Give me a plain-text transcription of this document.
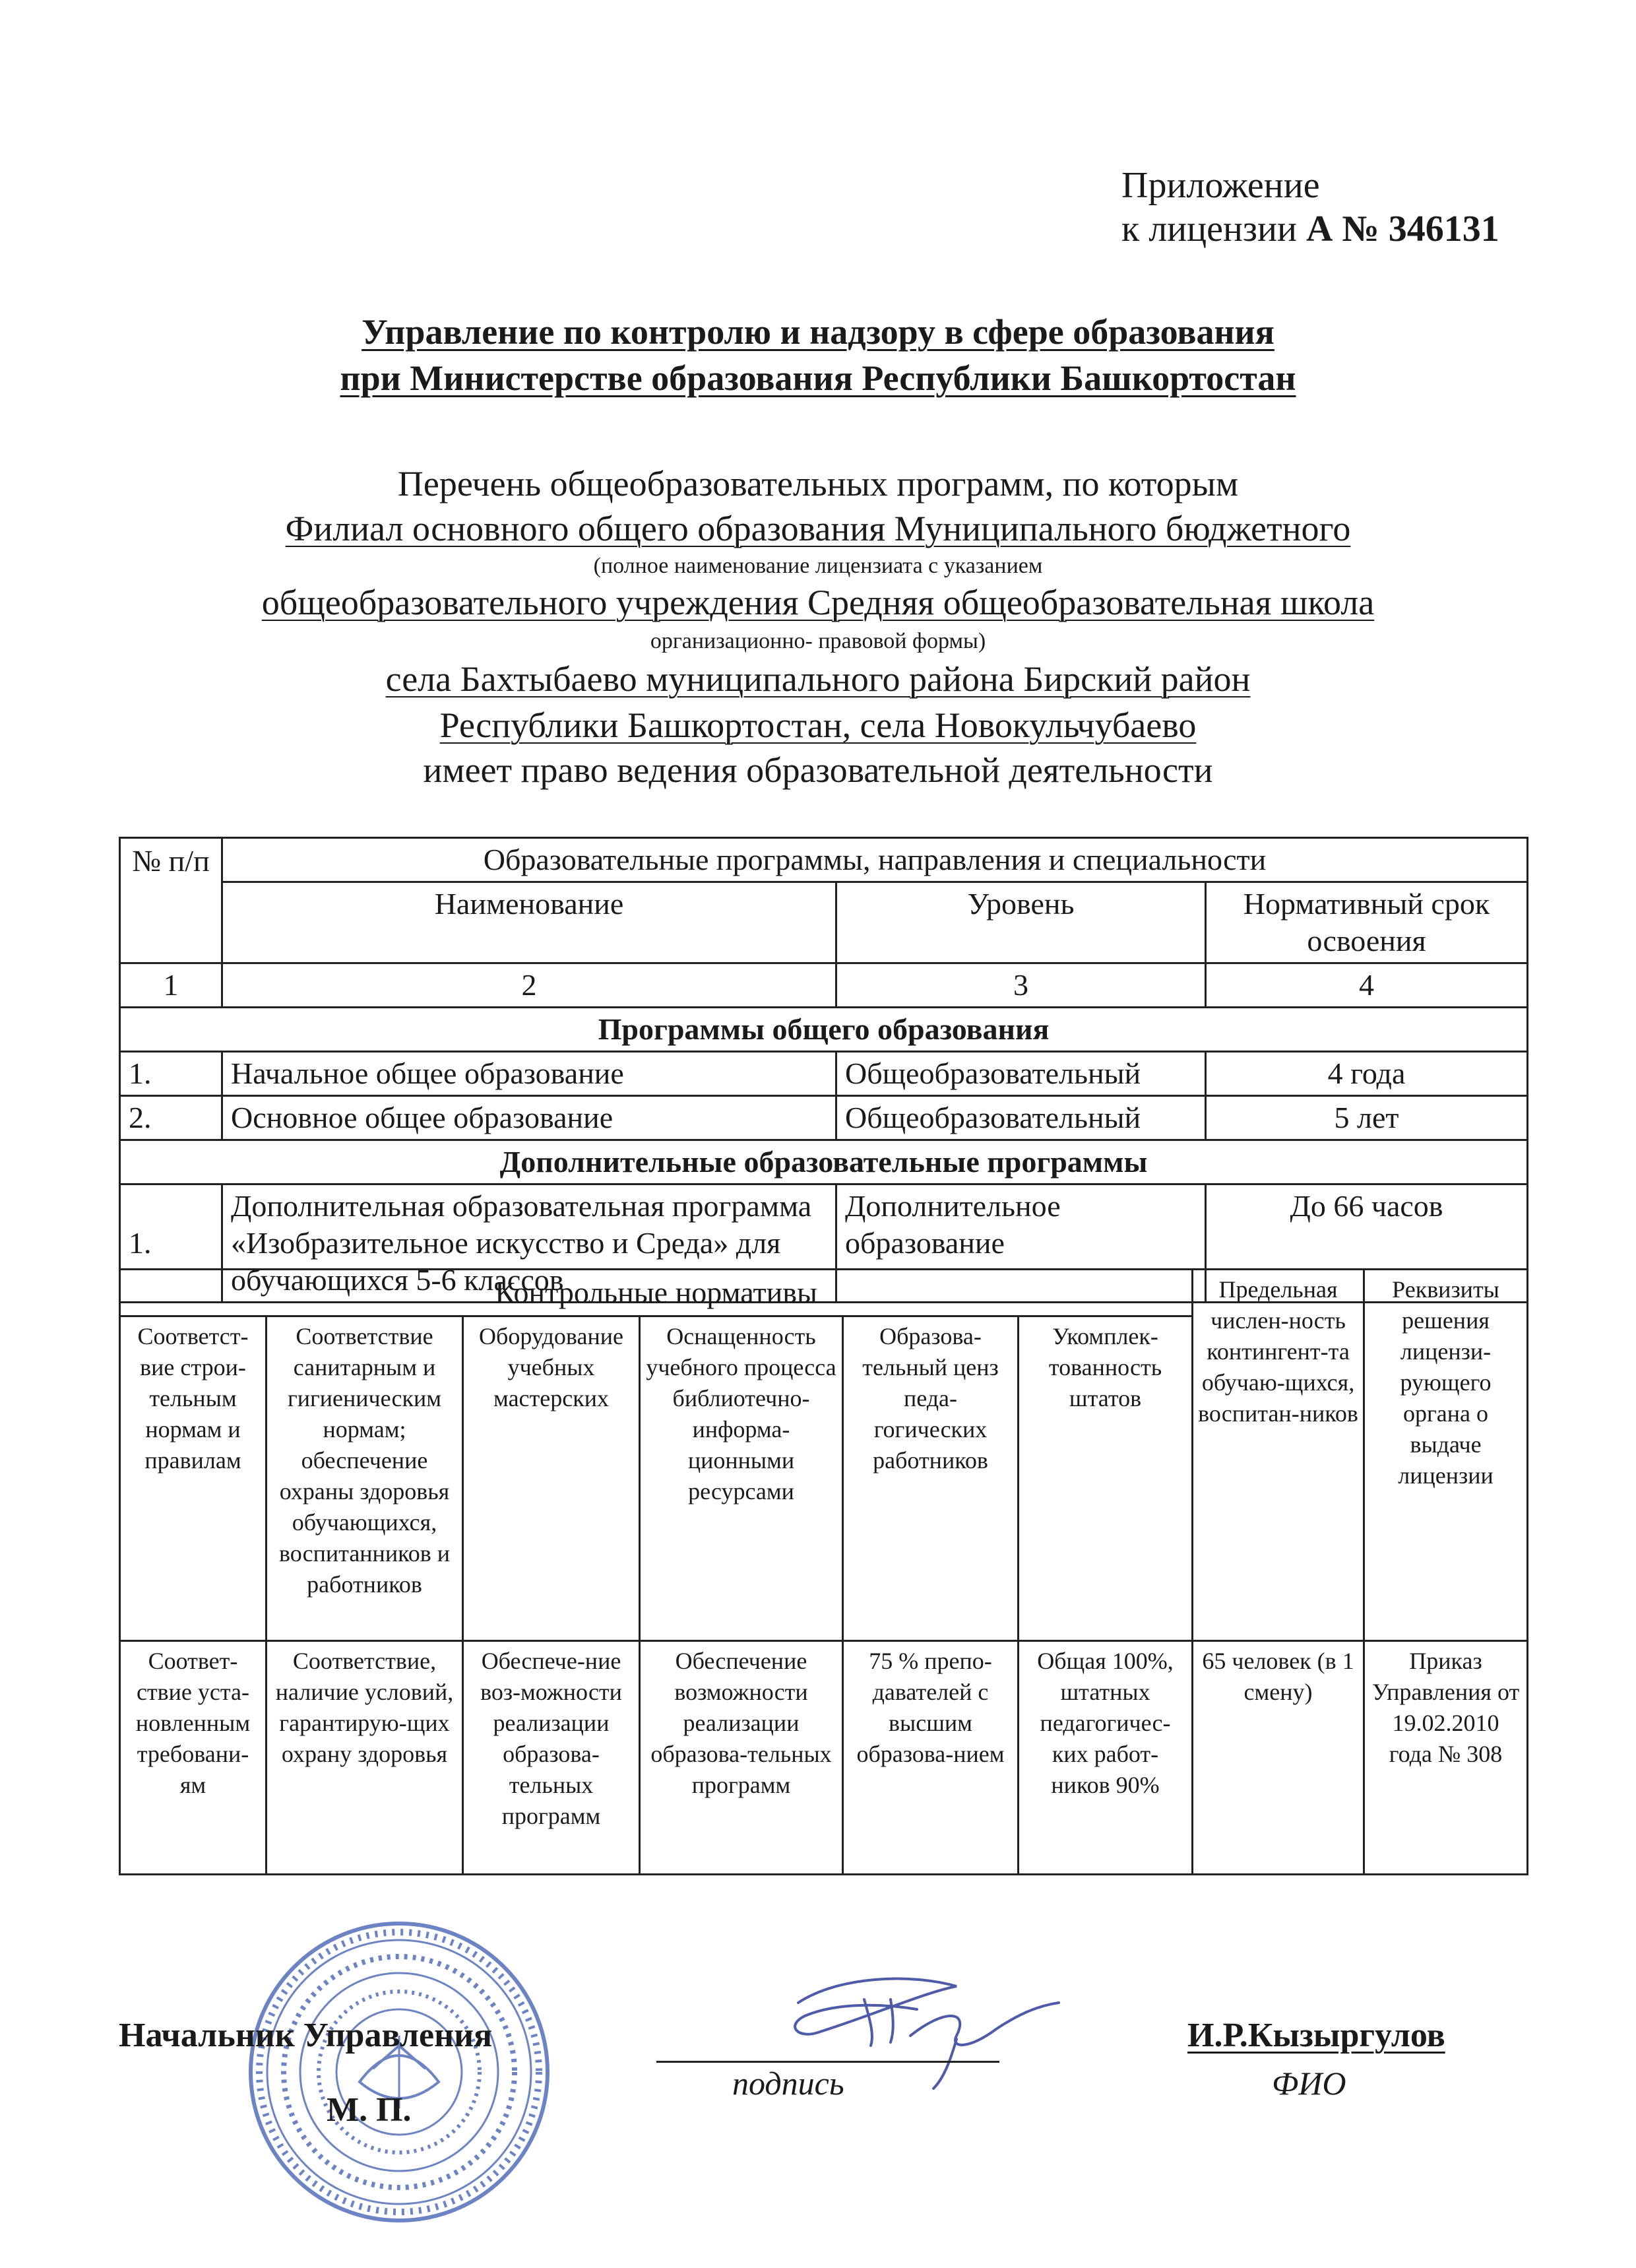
Приложение
к лицензии А № 346131
Управление по контролю и надзору в сфере образования
при Министерстве образования Республики Башкортостан
Перечень общеобразовательных программ, по которым
Филиал основного общего образования Муниципального бюджетного
(полное наименование лицензиата с указанием
общеобразовательного учреждения Средняя общеобразовательная школа
организационно- правовой формы)
села Бахтыбаево муниципального района Бирский район
Республики Башкортостан, села Новокульчубаево
имеет право ведения образовательной деятельности
№ п/п	Образовательные программы, направления и специальности		
	Наименование	Уровень	Нормативный срок освоения
1	2	3	4
Программы общего образования			
1.	Начальное общее образование	Общеобразовательный	4 года
2.	Основное общее образование	Общеобразовательный	5 лет
Дополнительные образовательные программы			
1.	Дополнительная образовательная программа «Изобразительное искусство и Среда» для обучающихся 5-6 классов	Дополнительное образование	До 66 часов
Контрольные нормативы						Предельная числен-ность контингент-та обучаю-щихся, воспитан-ников	Реквизиты решения лицензи-рующего органа о выдаче лицензии
Соответст-вие строи-тельным нормам и правилам	Соответствие санитарным и гигиеническим нормам; обеспечение охраны здоровья обучающихся, воспитанников и работников	Оборудование учебных мастерских	Оснащенность учебного процесса библиотечно-информа-ционными ресурсами	Образова-тельный ценз педа-гогических работников	Укомплек-тованность штатов		
Соответ-ствие уста-новленным требовани-ям	Соответствие, наличие условий, гарантирую-щих охрану здоровья	Обеспече-ние воз-можности реализации образова-тельных программ	Обеспечение возможности реализации образова-тельных программ	75 % препо-давателей с высшим образова-нием	Общая 100%, штатных педагогичес-ких работ-ников 90%	65 человек (в 1 смену)	Приказ Управления от 19.02.2010 года № 308
Начальник Управления
М. П.
подпись
И.Р.Кызыргулов
ФИО
